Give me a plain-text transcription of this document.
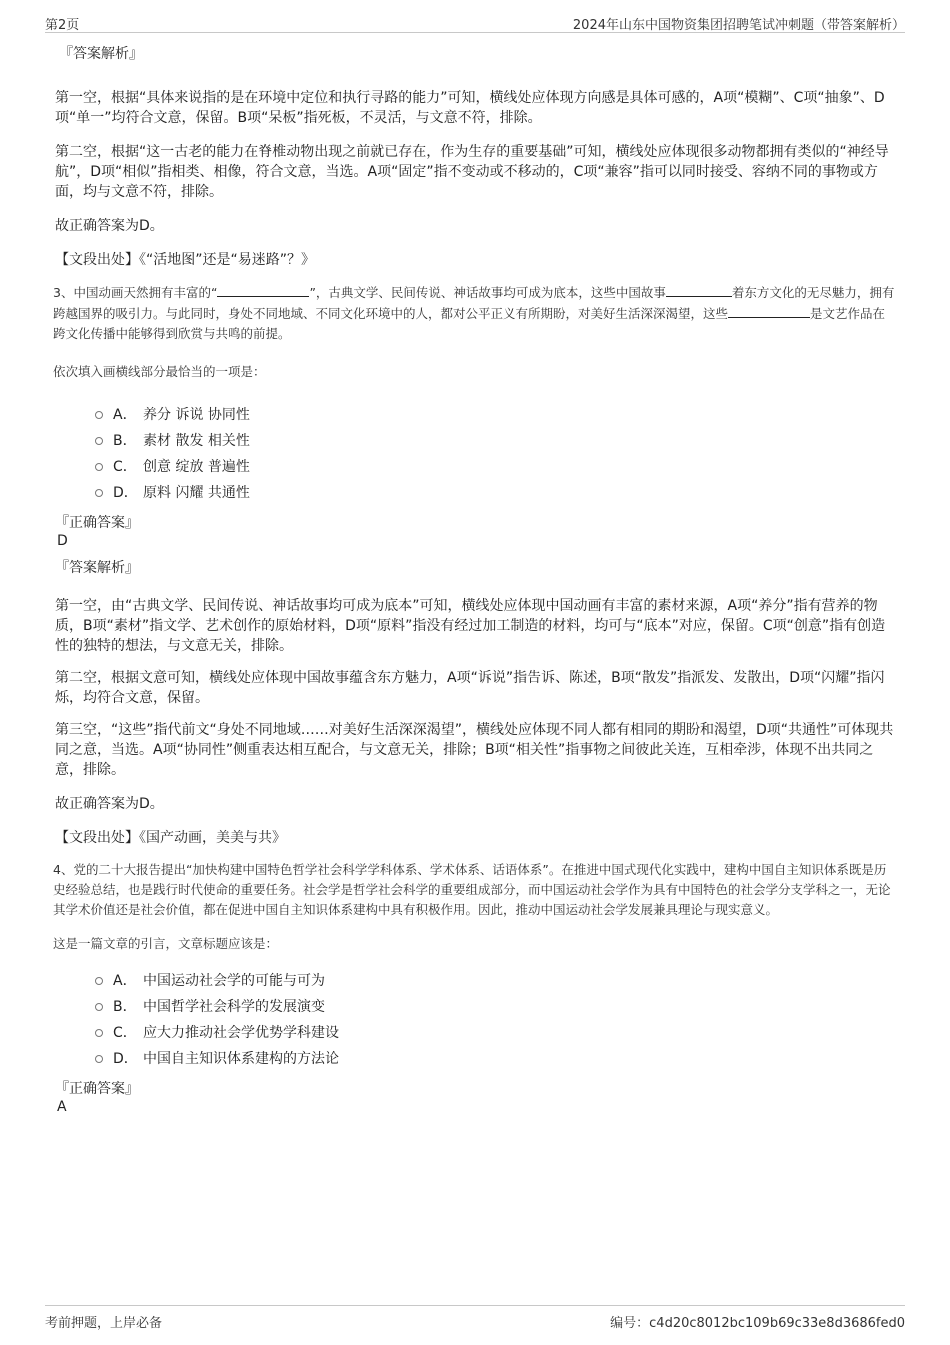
第2页	2024年山东中国物资集团招聘笔试冲刺题（带答案解析）

『答案解析』

第一空，根据“具体来说指的是在环境中定位和执行寻路的能力”可知，横线处应体现方向感是具体可感的，A项“模糊”、C项“抽象”、D项“单一”均符合文意，保留。B项“呆板”指死板，不灵活，与文意不符，排除。

第二空，根据“这一古老的能力在脊椎动物出现之前就已存在，作为生存的重要基础”可知，横线处应体现很多动物都拥有类似的“神经导航”，D项“相似”指相类、相像，符合文意，当选。A项“固定”指不变动或不移动的，C项“兼容”指可以同时接受、容纳不同的事物或方面，均与文意不符，排除。

故正确答案为D。

【文段出处】《“活地图”还是“易迷路”？》

3、中国动画天然拥有丰富的“	”，古典文学、民间传说、神话故事均可成为底本，这些中国故事	着东方文化的无尽魅力，拥有跨越国界的吸引力。与此同时，身处不同地域、不同文化环境中的人，都对公平正义有所期盼，对美好生活深深渴望，这些	是文艺作品在跨文化传播中能够得到欣赏与共鸣的前提。

依次填入画横线部分最恰当的一项是：

A． 养分 诉说 协同性
B． 素材 散发 相关性
C． 创意 绽放 普遍性
D． 原料 闪耀 共通性

『正确答案』

D

『答案解析』

第一空，由“古典文学、民间传说、神话故事均可成为底本”可知，横线处应体现中国动画有丰富的素材来源，A项“养分”指有营养的物质，B项“素材”指文学、艺术创作的原始材料，D项“原料”指没有经过加工制造的材料，均可与“底本”对应，保留。C项“创意”指有创造性的独特的想法，与文意无关，排除。

第二空，根据文意可知，横线处应体现中国故事蕴含东方魅力，A项“诉说”指告诉、陈述，B项“散发”指派发、发散出，D项“闪耀”指闪烁，均符合文意，保留。

第三空，“这些”指代前文“身处不同地域……对美好生活深深渴望”，横线处应体现不同人都有相同的期盼和渴望，D项“共通性”可体现共同之意，当选。A项“协同性”侧重表达相互配合，与文意无关，排除；B项“相关性”指事物之间彼此关连，互相牵涉，体现不出共同之意，排除。

故正确答案为D。

【文段出处】《国产动画，美美与共》

4、党的二十大报告提出“加快构建中国特色哲学社会科学学科体系、学术体系、话语体系”。在推进中国式现代化实践中，建构中国自主知识体系既是历史经验总结，也是践行时代使命的重要任务。社会学是哲学社会科学的重要组成部分，而中国运动社会学作为具有中国特色的社会学分支学科之一，无论其学术价值还是社会价值，都在促进中国自主知识体系建构中具有积极作用。因此，推动中国运动社会学发展兼具理论与现实意义。

这是一篇文章的引言，文章标题应该是：

A． 中国运动社会学的可能与可为
B． 中国哲学社会科学的发展演变
C． 应大力推动社会学优势学科建设
D． 中国自主知识体系建构的方法论

『正确答案』

A

考前押题，上岸必备	编号：c4d20c8012bc109b69c33e8d3686fed0
